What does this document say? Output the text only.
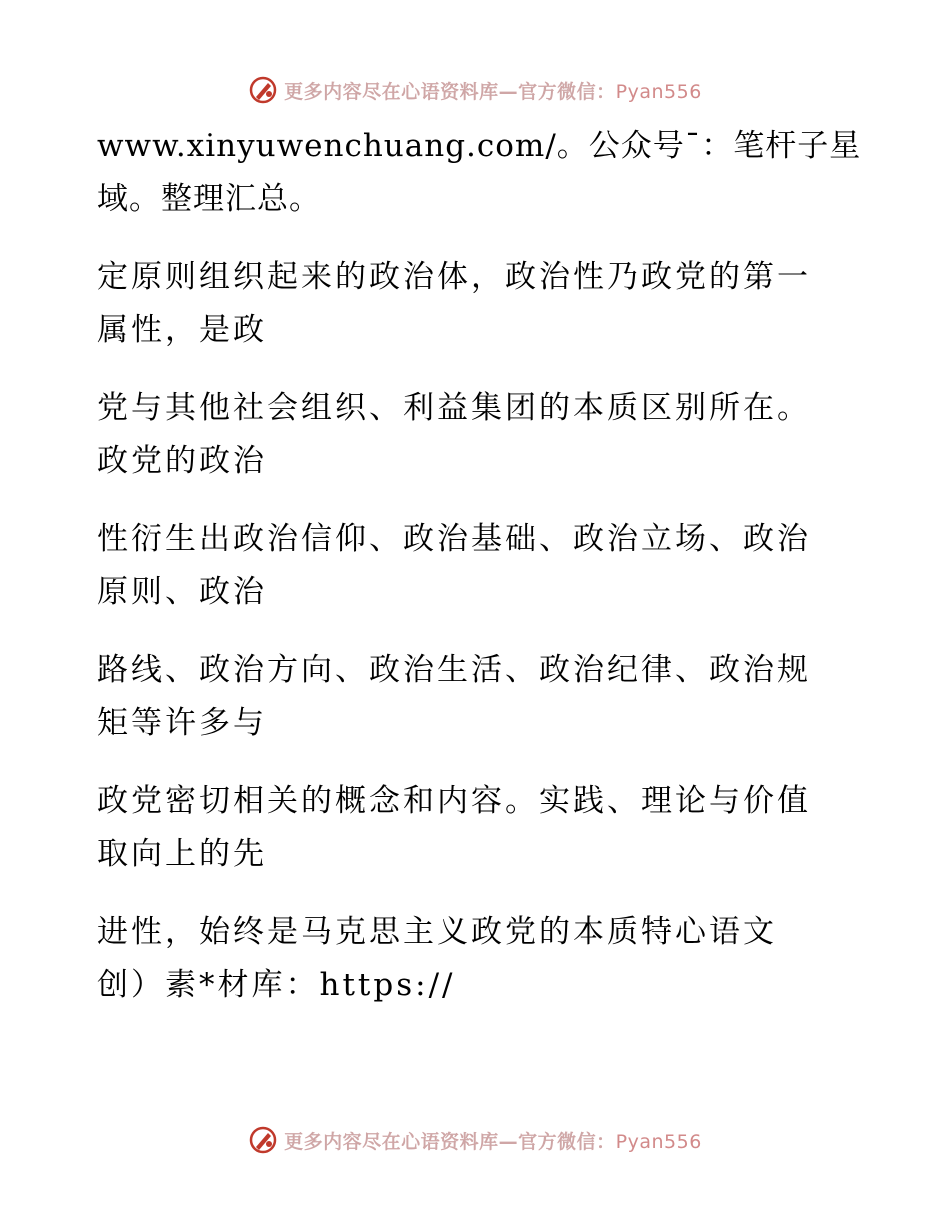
更多内容尽在心语资料库—官方微信：Pyan556

www.xinyuwenchuang.com/。公众号¯：笔杆子星
域。整理汇总。

定原则组织起来的政治体，政治性乃政党的第一
属性，是政

党与其他社会组织、利益集团的本质区别所在。
政党的政治

性衍生出政治信仰、政治基础、政治立场、政治
原则、政治

路线、政治方向、政治生活、政治纪律、政治规
矩等许多与

政党密切相关的概念和内容。实践、理论与价值
取向上的先

进性，始终是马克思主义政党的本质特心语文
创）素*材库：https://

更多内容尽在心语资料库—官方微信：Pyan556
